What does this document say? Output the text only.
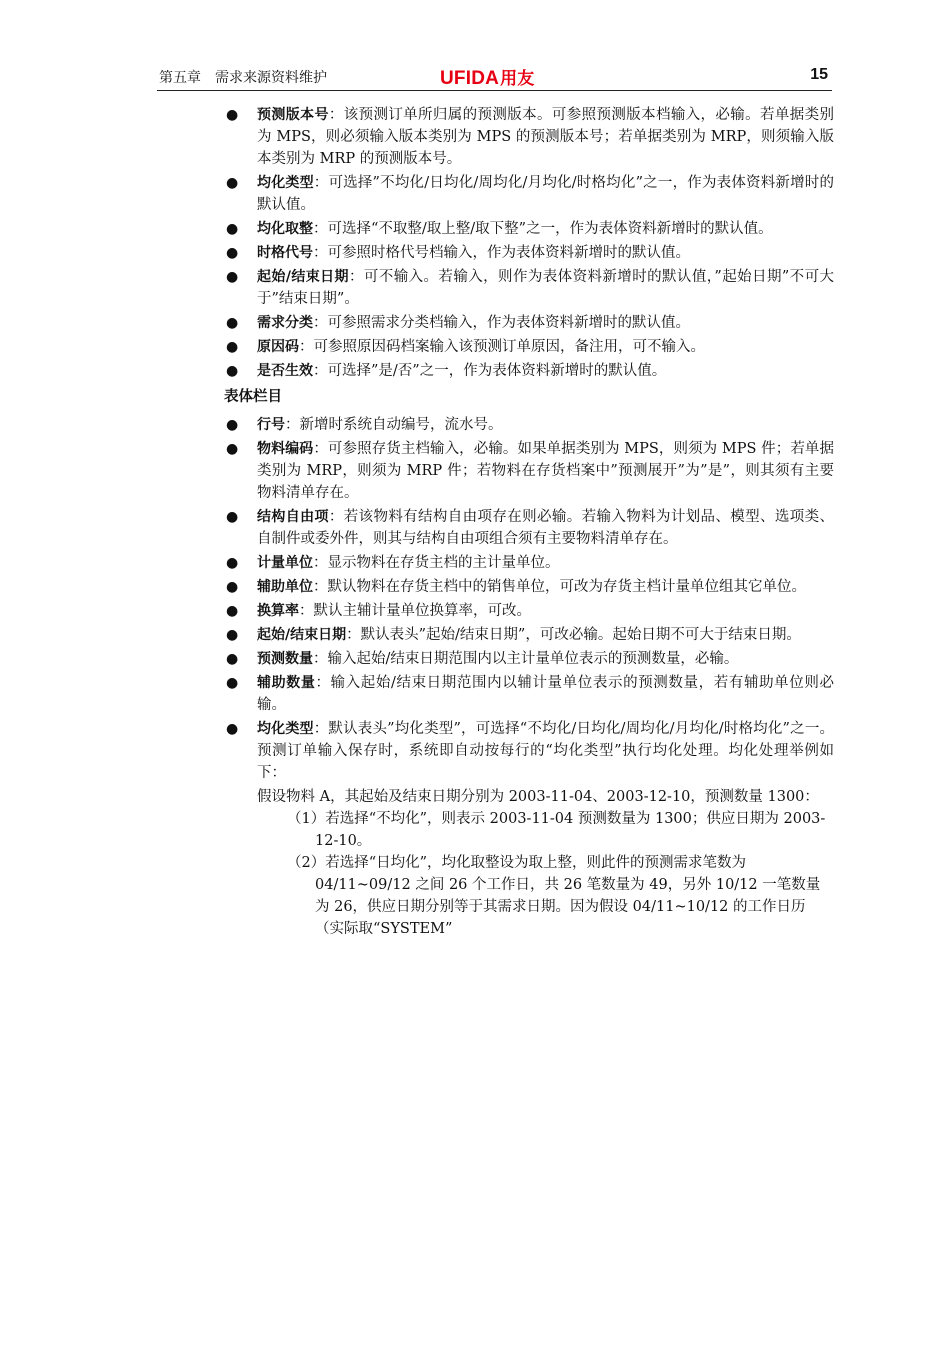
第五章　需求来源资料维护	UFIDA用友	15
● 预测版本号：该预测订单所归属的预测版本。可参照预测版本档输入，必输。若单据类别为 MPS，则必须输入版本类别为 MPS 的预测版本号；若单据类别为 MRP，则须输入版本类别为 MRP 的预测版本号。
● 均化类型：可选择”不均化/日均化/周均化/月均化/时格均化”之一，作为表体资料新增时的默认值。
● 均化取整：可选择“不取整/取上整/取下整”之一，作为表体资料新增时的默认值。
● 时格代号：可参照时格代号档输入，作为表体资料新增时的默认值。
● 起始/结束日期：可不输入。若输入，则作为表体资料新增时的默认值，”起始日期”不可大于”结束日期”。
● 需求分类：可参照需求分类档输入，作为表体资料新增时的默认值。
● 原因码：可参照原因码档案输入该预测订单原因，备注用，可不输入。
● 是否生效：可选择”是/否”之一，作为表体资料新增时的默认值。
表体栏目
● 行号：新增时系统自动编号，流水号。
● 物料编码：可参照存货主档输入，必输。如果单据类别为 MPS，则须为 MPS 件；若单据类别为 MRP，则须为 MRP 件；若物料在存货档案中”预测展开”为”是”，则其须有主要物料清单存在。
● 结构自由项：若该物料有结构自由项存在则必输。若输入物料为计划品、模型、选项类、自制件或委外件，则其与结构自由项组合须有主要物料清单存在。
● 计量单位：显示物料在存货主档的主计量单位。
● 辅助单位：默认物料在存货主档中的销售单位，可改为存货主档计量单位组其它单位。
● 换算率：默认主辅计量单位换算率，可改。
● 起始/结束日期：默认表头”起始/结束日期”，可改必输。起始日期不可大于结束日期。
● 预测数量：输入起始/结束日期范围内以主计量单位表示的预测数量，必输。
● 辅助数量：输入起始/结束日期范围内以辅计量单位表示的预测数量，若有辅助单位则必输。
● 均化类型：默认表头”均化类型”，可选择“不均化/日均化/周均化/月均化/时格均化”之一。预测订单输入保存时，系统即自动按每行的“均化类型”执行均化处理。均化处理举例如下：

假设物料 A，其起始及结束日期分别为 2003-11-04、2003-12-10，预测数量 1300：

（1）若选择“不均化”，则表示 2003-11-04 预测数量为 1300；供应日期为 2003-12-10。

（2）若选择“日均化”，均化取整设为取上整，则此件的预测需求笔数为 04/11~09/12 之间 26 个工作日，共 26 笔数量为 49，另外 10/12 一笔数量为 26，供应日期分别等于其需求日期。因为假设 04/11~10/12 的工作日历（实际取“SYSTEM”
